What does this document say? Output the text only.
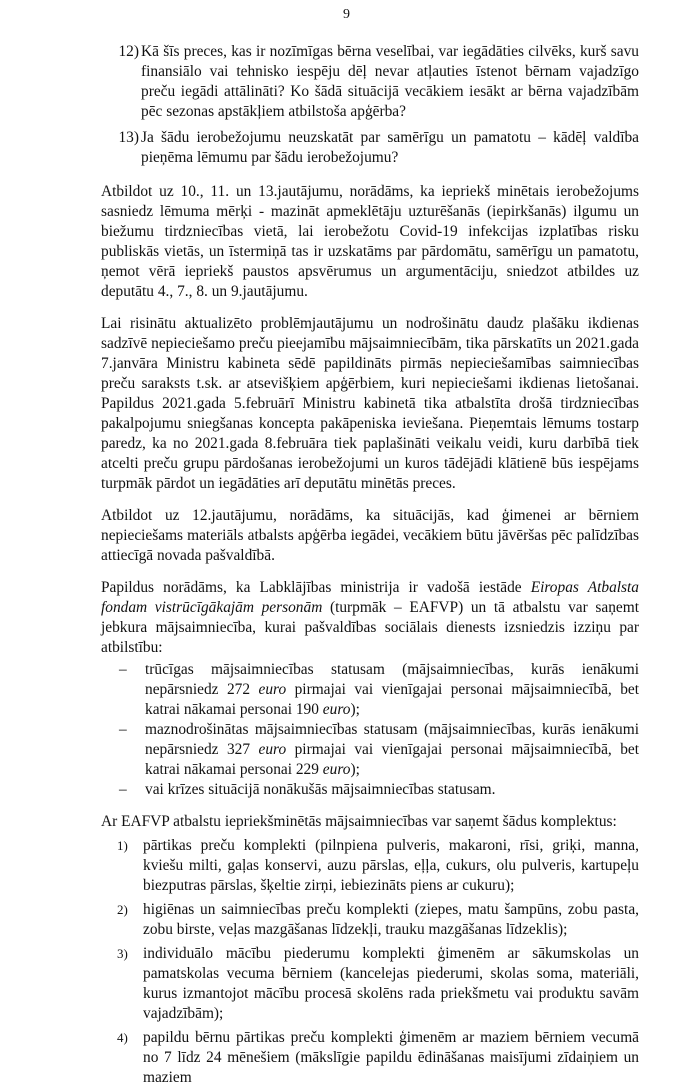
9
12) Kā šīs preces, kas ir nozīmīgas bērna veselībai, var iegādāties cilvēks, kurš savu finansiālo vai tehnisko iespēju dēļ nevar atļauties īstenot bērnam vajadzīgo preču iegādi attālināti? Ko šādā situācijā vecākiem iesākt ar bērna vajadzībām pēc sezonas apstākļiem atbilstoša apģērba?
13) Ja šādu ierobežojumu neuzskatāt par samērīgu un pamatotu – kādēļ valdība pieņēma lēmumu par šādu ierobežojumu?

Atbildot uz 10., 11. un 13.jautājumu, norādāms, ka iepriekš minētais ierobežojums sasniedz lēmuma mērķi - mazināt apmeklētāju uzturēšanās (iepirkšanās) ilgumu un biežumu tirdzniecības vietā, lai ierobežotu Covid-19 infekcijas izplatības risku publiskās vietās, un īstermiņā tas ir uzskatāms par pārdomātu, samērīgu un pamatotu, ņemot vērā iepriekš paustos apsvērumus un argumentāciju, sniedzot atbildes uz deputātu 4., 7., 8. un 9.jautājumu.

Lai risinātu aktualizēto problēmjautājumu un nodrošinātu daudz plašāku ikdienas sadzīvē nepieciešamo preču pieejamību mājsaimniecībām, tika pārskatīts un 2021.gada 7.janvāra Ministru kabineta sēdē papildināts pirmās nepieciešamības saimniecības preču saraksts t.sk. ar atsevišķiem apģērbiem, kuri nepieciešami ikdienas lietošanai. Papildus 2021.gada 5.februārī Ministru kabinetā tika atbalstīta drošā tirdzniecības pakalpojumu sniegšanas koncepta pakāpeniska ieviešana. Pieņemtais lēmums tostarp paredz, ka no 2021.gada 8.februāra tiek paplašināti veikalu veidi, kuru darbībā tiek atcelti preču grupu pārdošanas ierobežojumi un kuros tādējādi klātienē būs iespējams turpmāk pārdot un iegādāties arī deputātu minētās preces.

Atbildot uz 12.jautājumu, norādāms, ka situācijās, kad ģimenei ar bērniem nepieciešams materiāls atbalsts apģērba iegādei, vecākiem būtu jāvēršas pēc palīdzības attiecīgā novada pašvaldībā.

Papildus norādāms, ka Labklājības ministrija ir vadošā iestāde Eiropas Atbalsta fondam vistrūcīgākajām personām (turpmāk – EAFVP) un tā atbalstu var saņemt jebkura mājsaimniecība, kurai pašvaldības sociālais dienests izsniedzis izziņu par atbilstību:

–	trūcīgas mājsaimniecības statusam (mājsaimniecības, kurās ienākumi nepārsniedz 272 euro pirmajai vai vienīgajai personai mājsaimniecībā, bet katrai nākamai personai 190 euro);
–	maznodrošinātas mājsaimniecības statusam (mājsaimniecības, kurās ienākumi nepārsniedz 327 euro pirmajai vai vienīgajai personai mājsaimniecībā, bet katrai nākamai personai 229 euro);
–	vai krīzes situācijā nonākušās mājsaimniecības statusam.
Ar EAFVP atbalstu iepriekšminētās mājsaimniecības var saņemt šādus komplektus:
1) pārtikas preču komplekti (pilnpiena pulveris, makaroni, rīsi, griķi, manna, kviešu milti, gaļas konservi, auzu pārslas, eļļa, cukurs, olu pulveris, kartupeļu biezputras pārslas, šķeltie zirņi, iebiezināts piens ar cukuru);
2) higiēnas un saimniecības preču komplekti (ziepes, matu šampūns, zobu pasta, zobu birste, veļas mazgāšanas līdzekļi, trauku mazgāšanas līdzeklis);
3) individuālo mācību piederumu komplekti ģimenēm ar sākumskolas un pamatskolas vecuma bērniem (kancelejas piederumi, skolas soma, materiāli, kurus izmantojot mācību procesā skolēns rada priekšmetu vai produktu savām vajadzībām);
4) papildu bērnu pārtikas preču komplekti ģimenēm ar maziem bērniem vecumā no 7 līdz 24 mēnešiem (mākslīgie papildu ēdināšanas maisījumi zīdaiņiem un maziem
